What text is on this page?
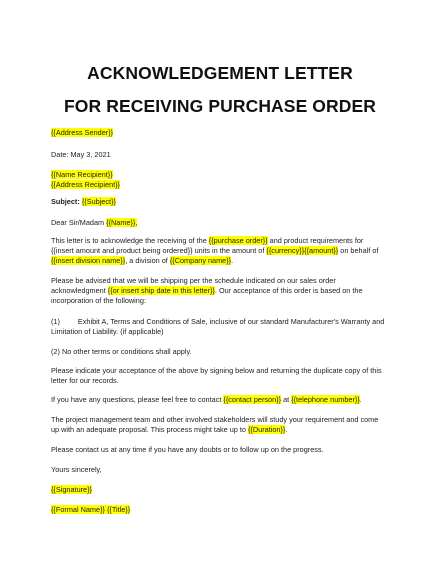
ACKNOWLEDGEMENT LETTER
FOR RECEIVING PURCHASE ORDER
{{Address Sender}}
Date: May 3, 2021
{{Name Recipient}}
{{Address Recipient}}
Subject: {{Subject}}
Dear Sir/Madam {{Name}},
This letter is to acknowledge the receiving of the {{purchase order}} and product requirements for
{{insert amount and product being ordered}} units in the amount of {{currency}}{{amount}} on behalf of
{{insert division name}}, a division of {{Company name}}.
Please be advised that we will be shipping per the schedule indicated on our sales order
acknowledgment {{or insert ship date in this letter}}. Our acceptance of this order is based on the
incorporation of the following:
(1) Exhibit A, Terms and Conditions of Sale, inclusive of our standard Manufacturer's Warranty and
Limitation of Liability. (if applicable)
(2) No other terms or conditions shall apply.
Please indicate your acceptance of the above by signing below and returning the duplicate copy of this
letter for our records.
If you have any questions, please feel free to contact {{contact person}} at {{telephone number}}.
The project management team and other involved stakeholders will study your requirement and come
up with an adequate proposal. This process might take up to {{Duration}}.
Please contact us at any time if you have any doubts or to follow up on the progress.
Yours sincerely,
{{Signature}}
{{Formal Name}} {{Title}}
